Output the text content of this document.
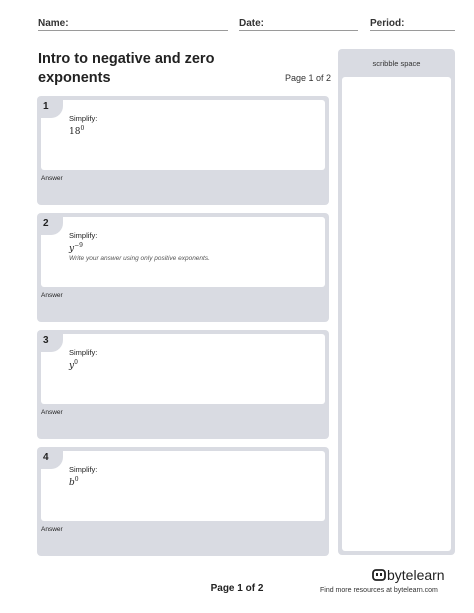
Name:	Date:	Period:
Intro to negative and zero
exponents	Page 1 of 2
Simplify:
$18^0$
1
Answer
Simplify:
$y^{-9}$
Write your answer using only positive exponents.
2
Answer
Simplify:
$y^0$
3
Answer
Simplify:
$b^0$
4
Answer
scribble space
Page 1 of 2
bytelearn
Find more resources at bytelearn.com
